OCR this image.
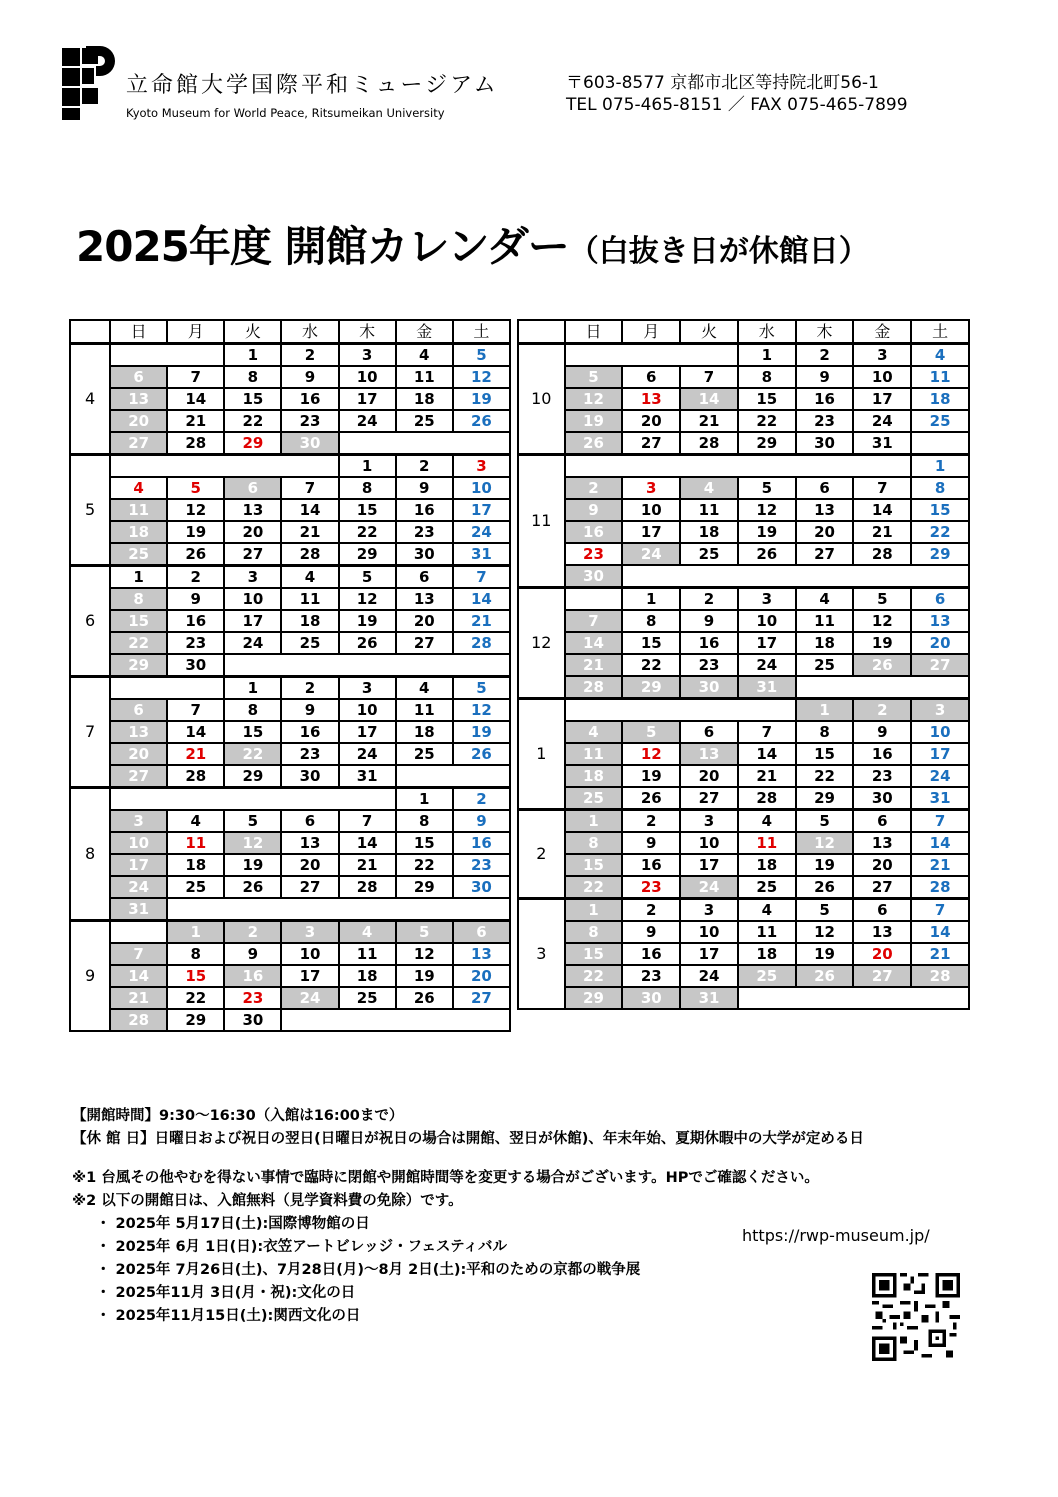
立命館大学国際平和ミュージアム
Kyoto Museum for World Peace, Ritsumeikan University
〒603-8577 京都市北区等持院北町56-1
TEL 075-465-8151 ／ FAX 075-465-7899
2025年度 開館カレンダー（白抜き日が休館日）
	日	月	火	水	木	金	土
4			1	2	3	4	5
	6	7	8	9	10	11	12
	13	14	15	16	17	18	19
	20	21	22	23	24	25	26
	27	28	29	30			
5					1	2	3
	4	5	6	7	8	9	10
	11	12	13	14	15	16	17
	18	19	20	21	22	23	24
	25	26	27	28	29	30	31
6	1	2	3	4	5	6	7
	8	9	10	11	12	13	14
	15	16	17	18	19	20	21
	22	23	24	25	26	27	28
	29	30					
7			1	2	3	4	5
	6	7	8	9	10	11	12
	13	14	15	16	17	18	19
	20	21	22	23	24	25	26
	27	28	29	30	31		
8						1	2
	3	4	5	6	7	8	9
	10	11	12	13	14	15	16
	17	18	19	20	21	22	23
	24	25	26	27	28	29	30
	31						
9		1	2	3	4	5	6
	7	8	9	10	11	12	13
	14	15	16	17	18	19	20
	21	22	23	24	25	26	27
	28	29	30				
	日	月	火	水	木	金	土
10				1	2	3	4
	5	6	7	8	9	10	11
	12	13	14	15	16	17	18
	19	20	21	22	23	24	25
	26	27	28	29	30	31	
11							1
	2	3	4	5	6	7	8
	9	10	11	12	13	14	15
	16	17	18	19	20	21	22
	23	24	25	26	27	28	29
	30						
12		1	2	3	4	5	6
	7	8	9	10	11	12	13
	14	15	16	17	18	19	20
	21	22	23	24	25	26	27
	28	29	30	31			
1					1	2	3
	4	5	6	7	8	9	10
	11	12	13	14	15	16	17
	18	19	20	21	22	23	24
	25	26	27	28	29	30	31
2	1	2	3	4	5	6	7
	8	9	10	11	12	13	14
	15	16	17	18	19	20	21
	22	23	24	25	26	27	28
3	1	2	3	4	5	6	7
	8	9	10	11	12	13	14
	15	16	17	18	19	20	21
	22	23	24	25	26	27	28
	29	30	31				
【開館時間】9:30～16:30（入館は16:00まで）
【休 館 日】日曜日および祝日の翌日(日曜日が祝日の場合は開館、翌日が休館)、年末年始、夏期休暇中の大学が定める日
※1 台風その他やむを得ない事情で臨時に閉館や開館時間等を変更する場合がございます。HPでご確認ください。
※2 以下の開館日は、入館無料（見学資料費の免除）です。
・ 2025年 5月17日(土):国際博物館の日
・ 2025年 6月 1日(日):衣笠アートビレッジ・フェスティバル
・ 2025年 7月26日(土)、7月28日(月)～8月 2日(土):平和のための京都の戦争展
・ 2025年11月 3日(月・祝):文化の日
・ 2025年11月15日(土):関西文化の日
https://rwp-museum.jp/
